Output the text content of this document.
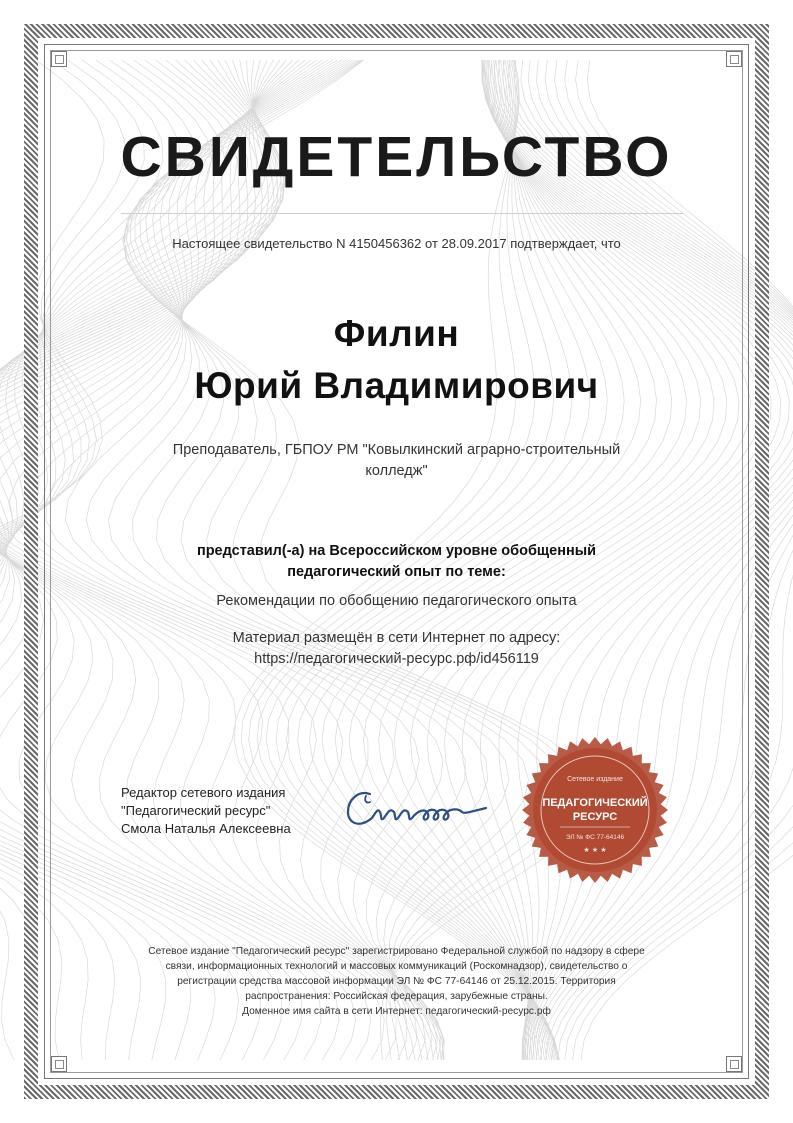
СВИДЕТЕЛЬСТВО
Настоящее свидетельство N 4150456362 от 28.09.2017 подтверждает, что
Филин
Юрий Владимирович
Преподаватель, ГБПОУ РМ "Ковылкинский аграрно-строительный
колледж"
представил(-а) на Всероссийском уровне обобщенный
педагогический опыт по теме:
Рекомендации по обобщению педагогического опыта
Материал размещён в сети Интернет по адресу:
https://педагогический-ресурс.рф/id456119
Редактор сетевого издания
"Педагогический ресурс"
Смола Наталья Алексеевна
Сетевое издание
ПЕДАГОГИЧЕСКИЙ
РЕСУРС
ЭЛ № ФС 77-64146
★ ★ ★
Сетевое издание "Педагогический ресурс" зарегистрировано Федеральной службой по надзору в сфере
связи, информационных технологий и массовых коммуникаций (Роскомнадзор), свидетельство о
регистрации средства массовой информации ЭЛ № ФС 77-64146 от 25.12.2015. Территория
распространения: Российская федерация, зарубежные страны.
Доменное имя сайта в сети Интернет: педагогический-ресурс.рф
